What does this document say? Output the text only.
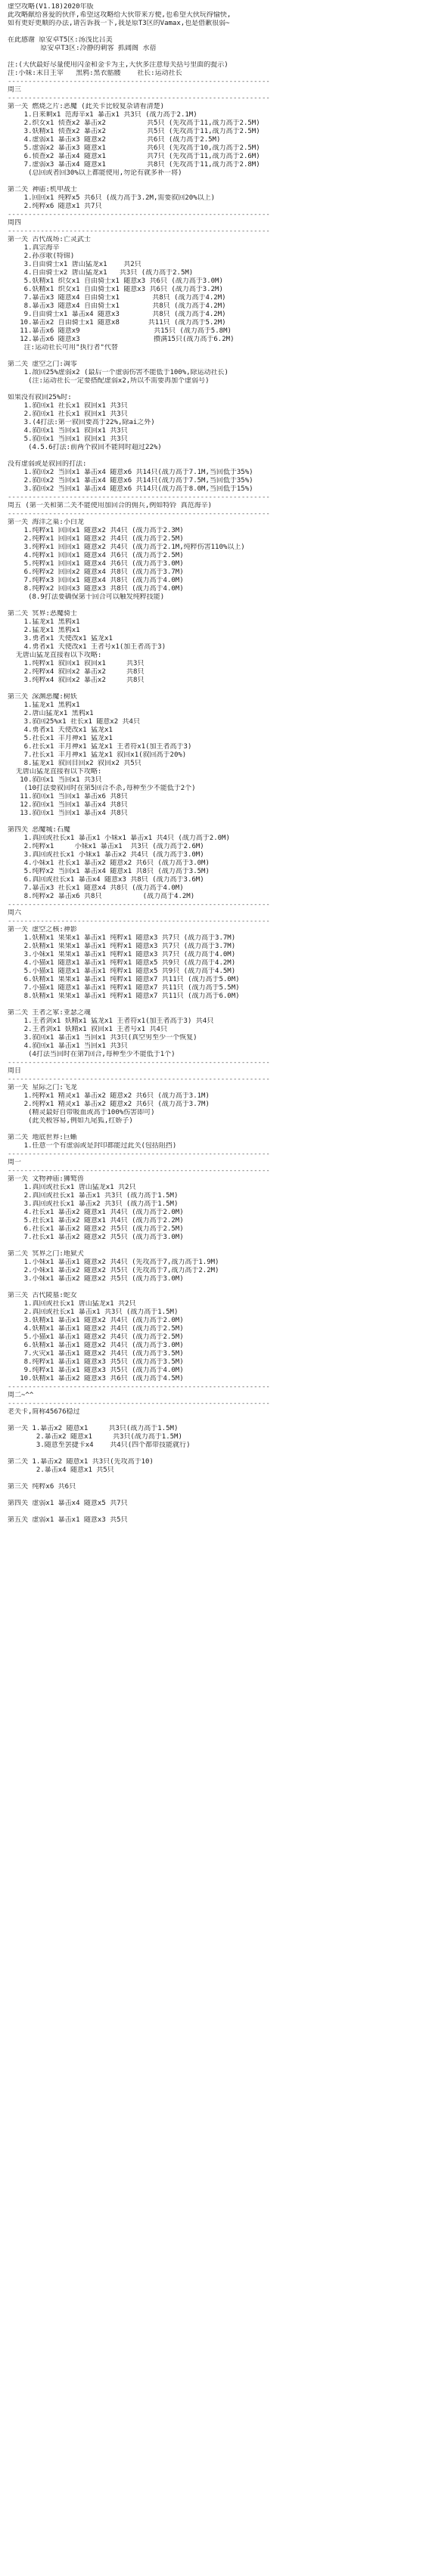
虚空攻略(V1.18)2020年版
此攻略献给喜爱的伙伴,希望这攻略给大伙带来方便,也希望大伙玩得愉快,
如有更好更顺的办法,请告诉我一下,我是原T3区的Vamax,也是借歉很弱~
在此感谢 原安卓T5区:汤浅比吕美
原安卓T3区:冷静的刺客 抓阔阁 水蓓
注:(大伙最好尽量使用闪金和金卡为主,大伙多注意每关括号里面的提示)
注:小妹:末日王宰   黑鸦:黑衣骷髅    社长:运动社长
----------------------------------------------------------------
周三
----------------------------------------------------------------
第一关 燃烧之片:恶魔 (此关卡比较复杂请看清楚)
1.自来剩x1 范海辛x1 暴击x1 共3只 (战力高于2.1M)
2.织女x1 侦查x2 暴击x2          共5只 (先攻高于11,战力高于2.5M)
3.妖精x1 侦查x2 暴击x2          共5只 (先攻高于11,战力高于2.5M)
4.虚弱x1 暴击x3 随意x2          共6只 (战力高于2.5M)
5.虚弱x2 暴击x3 随意x1          共6只 (先攻高于10,战力高于2.5M)
6.侦查x2 暴击x4 随意x1          共7只 (先攻高于11,战力高于2.6M)
7.虚弱x3 暴击x4 随意x1          共8只 (先攻高于11,战力高于2.8M)
(总回或者回30%以上都能使用,勿论有就多补一将)
第二关 神庙:机甲战士
1.回回x1 纯粹x5 共6只 (战力高于3.2M,需要叙回20%以上)
2.纯粹x6 随意x1 共7只
----------------------------------------------------------------
周四
----------------------------------------------------------------
第一关 古代战场:亡灵武士
1.真宗海辛
2.孙彦歌(特锦)
3.自由骑士x1 唐山猛龙x1    共2只
4.自由骑士x2 唐山猛龙x1   共3只 (战力高于2.5M)
5.妖精x1 织女x1 自由骑士x1 随意x3 共6只 (战力高于3.0M)
6.妖精x1 织女x1 自由骑士x1 随意x3 共6只 (战力高于3.2M)
7.暴击x3 随意x4 自由骑士x1        共8只 (战力高于4.2M)
8.暴击x3 随意x4 自由骑士x1        共8只 (战力高于4.2M)
9.自由骑士x1 暴击x4 随意x3        共8只 (战力高于4.2M)
10.暴击x2 自由骑士x1 随意x8       共11只 (战力高于5.2M)
11.暴击x6 随意x9                  共15只 (战力高于5.8M)
12.暴击x6 随意x3                  攒满15只(战力高于6.2M)
注:运动社长可用"执行者"代替
第二关 虚空之门:凋零
1.敌回25%虚弱x2 (最后一个虚弱伤害不能低于100%,除运动社长)
(注:运动社长一定要搭配虚弱x2,所以不需要再加个虚弱号)
如果没有叙回25%时:
1.叙回x1 社长x1 叙回x1 共3只
2.叙回x1 社长x1 叙回x1 共3只
3.(4打法:第一叙回要高于22%,除ai之外)
4.叙回x1 当回x1 叙回x1 共3只
5.叙回x1 当回x1 叙回x1 共3只
(4.5.6打法:前两个叙回不能同时超过22%)
没有虚弱或是叙回的打法:
1.叙回x2 当回x1 暴击x4 随意x6 共14只(战力高于7.1M,当回低于35%)
2.叙回x2 当回x1 暴击x4 随意x6 共14只(战力高于7.5M,当回低于35%)
3.叙回x2 当回x1 暴击x4 随意x6 共14只(战力高于8.0M,当回低于15%)
----------------------------------------------------------------
周五 (第一关和第二关不能使用加回合的佣兵,例如特铃 真范海辛)
----------------------------------------------------------------
第一关 海洋之巢:小白龙
1.纯粹x1 回回x1 随意x2 共4只 (战力高于2.3M)
2.纯粹x1 回回x1 随意x2 共4只 (战力高于2.5M)
3.纯粹x1 回回x1 随意x2 共4只 (战力高于2.1M,纯粹伤害110%以上)
4.纯粹x1 回回x1 随意x4 共6只 (战力高于2.5M)
5.纯粹x1 回回x1 随意x4 共6只 (战力高于3.0M)
6.纯粹x2 回回x2 随意x4 共8只 (战力高于3.7M)
7.纯粹x3 回回x1 随意x4 共8只 (战力高于4.0M)
8.纯粹x2 回回x3 随意x3 共8只 (战力高于4.0M)
(8.9打法要确保第十回合可以触发纯粹技能)
第二关 冥界:恶魔骑士
1.猛龙x1 黑鸦x1
2.猛龙x1 黑鸦x1
3.勇者x1 天使改x1 猛龙x1
4.勇者x1 天使改x1 王者号x1(加王者高于3)
无唐山猛龙直接看以下攻略:
1.纯粹x1 叙回x1 叙回x1     共3只
2.纯粹x4 叙回x2 暴击x2     共8只
3.纯粹x4 叙回x2 暴击x2     共8只
第三关 深渊恶魔:树妖
1.猛龙x1 黑鸦x1
2.唐山猛龙x1 黑鸦x1
3.叙回25%x1 社长x1 随意x2 共4只
4.勇者x1 天使改x1 猛龙x1
5.社长x1 丰月神x1 猛龙x1
6.社长x1 丰月神x1 猛龙x1 王者符x1(加王者高于3)
7.社长x1 丰月神x1 猛龙x1 叙回x1(叙回高于20%)
8.猛龙x1 叙回目回x2 叙回x2 共5只
无唐山猛龙直接看以下攻略:
10.叙回x1 当回x1 共3只
(10打法要叙回时在第5回合不杀,每种至少不能低于2个)
11.叙回x1 当回x1 暴击x6 共8只
12.叙回x1 当回x1 暴击x4 共8只
13.叙回x1 当回x1 暴击x4 共8只
第四关 恶魔城:石魔
1.真回或社长x1 暴击x1 小妹x1 暴击x1 共4只 (战力高于2.0M)
2.纯粹x1     小妹x1 暴击x1  共3只 (战力高于2.6M)
3.真回或社长x1 小妹x1 暴击x2 共4只 (战力高于3.0M)
4.小妹x1 社长x1 暴击x2 随意x2 共6只 (战力高于3.0M)
5.纯粹x2 当回x1 暴击x4 随意x1 共8只 (战力高于3.5M)
6.真回或社长x1 暴击x4 随意x3 共8只 (战力高于3.6M)
7.暴击x3 社长x1 随意x4 共8只 (战力高于4.0M)
8.纯粹x2 暴击x6 共8只          (战力高于4.2M)
----------------------------------------------------------------
周六
----------------------------------------------------------------
第一关 虚空之核:神影
1.妖精x1 果果x1 暴击x1 纯粹x1 随意x3 共7只 (战力高于3.7M)
2.妖精x1 果果x1 暴击x1 纯粹x1 随意x3 共7只 (战力高于3.7M)
3.小妹x1 果果x1 暴击x1 纯粹x1 随意x3 共7只 (战力高于4.0M)
4.小猫x1 随意x1 暴击x1 纯粹x1 随意x5 共9只 (战力高于4.2M)
5.小猫x1 随意x1 暴击x1 纯粹x1 随意x5 共9只 (战力高于4.5M)
6.妖精x1 果果x1 暴击x1 纯粹x1 随意x7 共11只 (战力高于5.0M)
7.小猫x1 随意x1 暴击x1 纯粹x1 随意x7 共11只 (战力高于5.5M)
8.妖精x1 果果x1 暴击x1 纯粹x1 随意x7 共11只 (战力高于6.0M)
第二关 王者之冢:亚瑟之魂
1.王者剑x1 妖精x1 猛龙x1 王者符x1(加王者高于3) 共4只
2.王者剑x1 妖精x1 叙回x1 王者号x1 共4只
3.叙回x1 暴击x1 当回x1 共3只(真空男至少一个恢复)
4.叙回x1 暴击x1 当回x1 共3只
(4打法当回时在第7回合,每种至少不能低于1个)
----------------------------------------------------------------
周日
----------------------------------------------------------------
第一关 星际之门:飞龙
1.纯粹x1 精灵x1 暴击x2 随意x2 共6只 (战力高于3.1M)
2.纯粹x1 精灵x1 暴击x2 随意x2 共6只 (战力高于3.7M)
(精灵最好自带吸血或高于100%伤害即可)
(此关极容易,例如九尾狐,红娇子)
第二关 地底世界:巨蜥
1.任意一个有虚弱或是封印都能过此关(包括阻挡)
----------------------------------------------------------------
周一
----------------------------------------------------------------
第一关 文物神庙:狮鹫兽
1.真回或社长x1 唐山猛龙x1 共2只
2.真回或社长x1 暴击x1 共3只 (战力高于1.5M)
3.真回或社长x1 暴击x2 共3只 (战力高于1.5M)
4.社长x1 暴击x2 随意x1 共4只 (战力高于2.0M)
5.社长x1 暴击x2 随意x1 共4只 (战力高于2.2M)
6.社长x1 暴击x2 随意x2 共5只 (战力高于2.5M)
7.社长x1 暴击x2 随意x2 共5只 (战力高于3.0M)
第二关 冥界之门:地狱犬
1.小妹x1 暴击x1 随意x2 共4只 (先攻高于7,战力高于1.9M)
2.小妹x1 暴击x2 随意x2 共5只 (先攻高于7,战力高于2.2M)
3.小妹x1 暴击x2 随意x2 共5只 (战力高于3.0M)
第三关 古代陵墓:蛇女
1.真回或社长x1 唐山猛龙x1 共2只
2.真回或社长x1 暴击x1 共3只 (战力高于1.5M)
3.妖精x1 暴击x1 随意x2 共4只 (战力高于2.0M)
4.妖精x1 暴击x1 随意x2 共4只 (战力高于2.5M)
5.小猫x1 暴击x1 随意x2 共4只 (战力高于2.5M)
6.妖精x1 暴击x1 随意x2 共4只 (战力高于3.0M)
7.火灾x1 暴击x1 随意x2 共4只 (战力高于3.5M)
8.纯粹x1 暴击x1 随意x3 共5只 (战力高于3.5M)
9.纯粹x1 暴击x1 随意x3 共5只 (战力高于4.0M)
10.妖精x1 暴击x2 随意x3 共6只 (战力高于4.5M)
----------------------------------------------------------------
周二~^^
----------------------------------------------------------------
老关卡,简称45676稳过
第一关 1.暴击x2 随意x1     共3只(战力高于1.5M)
2.暴击x2 随意x1     共3只(战力高于1.5M)
3.随意至罢捷卡x4    共4只(四个都带技能就行)
第二关 1.暴击x2 随意x1 共3只(先攻高于10)
2.暴击x4 随意x1 共5只
第三关 纯粹x6 共6只
第四关 虚弱x1 暴击x4 随意x5 共7只
第五关 虚弱x1 暴击x1 随意x3 共5只
